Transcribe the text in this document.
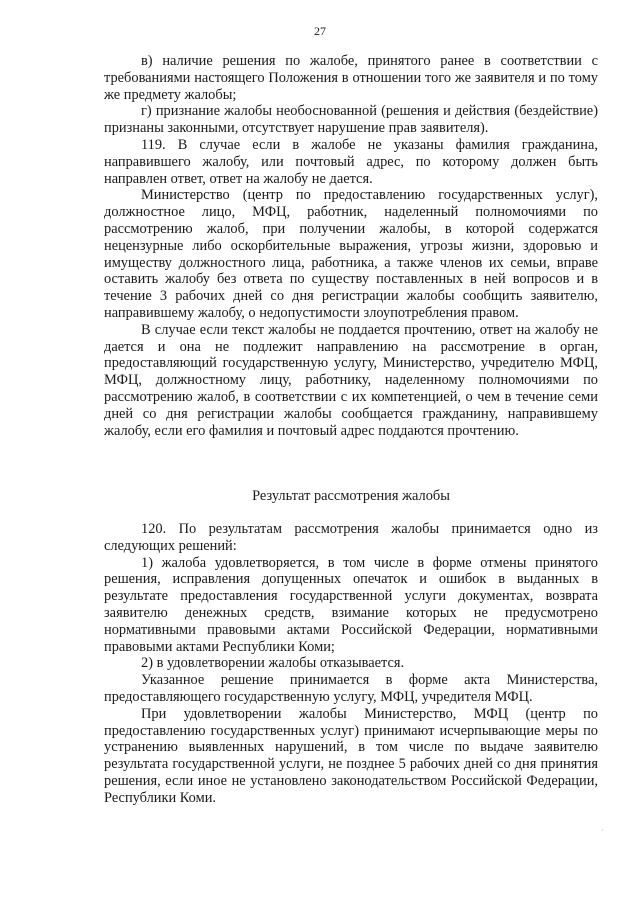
27

в) наличие решения по жалобе, принятого ранее в соответствии с требованиями настоящего Положения в отношении того же заявителя и по тому же предмету жалобы;

г) признание жалобы необоснованной (решения и действия (бездействие) признаны законными, отсутствует нарушение прав заявителя).

119. В случае если в жалобе не указаны фамилия гражданина, направившего жалобу, или почтовый адрес, по которому должен быть направлен ответ, ответ на жалобу не дается.

Министерство (центр по предоставлению государственных услуг), должностное лицо, МФЦ, работник, наделенный полномочиями по рассмотрению жалоб, при получении жалобы, в которой содержатся нецензурные либо оскорбительные выражения, угрозы жизни, здоровью и имуществу должностного лица, работника, а также членов их семьи, вправе оставить жалобу без ответа по существу поставленных в ней вопросов и в течение 3 рабочих дней со дня регистрации жалобы сообщить заявителю, направившему жалобу, о недопустимости злоупотребления правом.

В случае если текст жалобы не поддается прочтению, ответ на жалобу не дается и она не подлежит направлению на рассмотрение в орган, предоставляющий государственную услугу, Министерство, учредителю МФЦ, МФЦ, должностному лицу, работнику, наделенному полномочиями по рассмотрению жалоб, в соответствии с их компетенцией, о чем в течение семи дней со дня регистрации жалобы сообщается гражданину, направившему жалобу, если его фамилия и почтовый адрес поддаются прочтению.

Результат рассмотрения жалобы

120. По результатам рассмотрения жалобы принимается одно из следующих решений:

1) жалоба удовлетворяется, в том числе в форме отмены принятого решения, исправления допущенных опечаток и ошибок в выданных в результате предоставления государственной услуги документах, возврата заявителю денежных средств, взимание которых не предусмотрено нормативными правовыми актами Российской Федерации, нормативными правовыми актами Республики Коми;

2) в удовлетворении жалобы отказывается.

Указанное решение принимается в форме акта Министерства, предоставляющего государственную услугу, МФЦ, учредителя МФЦ.

При удовлетворении жалобы Министерство, МФЦ (центр по предоставлению государственных услуг) принимают исчерпывающие меры по устранению выявленных нарушений, в том числе по выдаче заявителю результата государственной услуги, не позднее 5 рабочих дней со дня принятия решения, если иное не установлено законодательством Российской Федерации, Республики Коми.

·
